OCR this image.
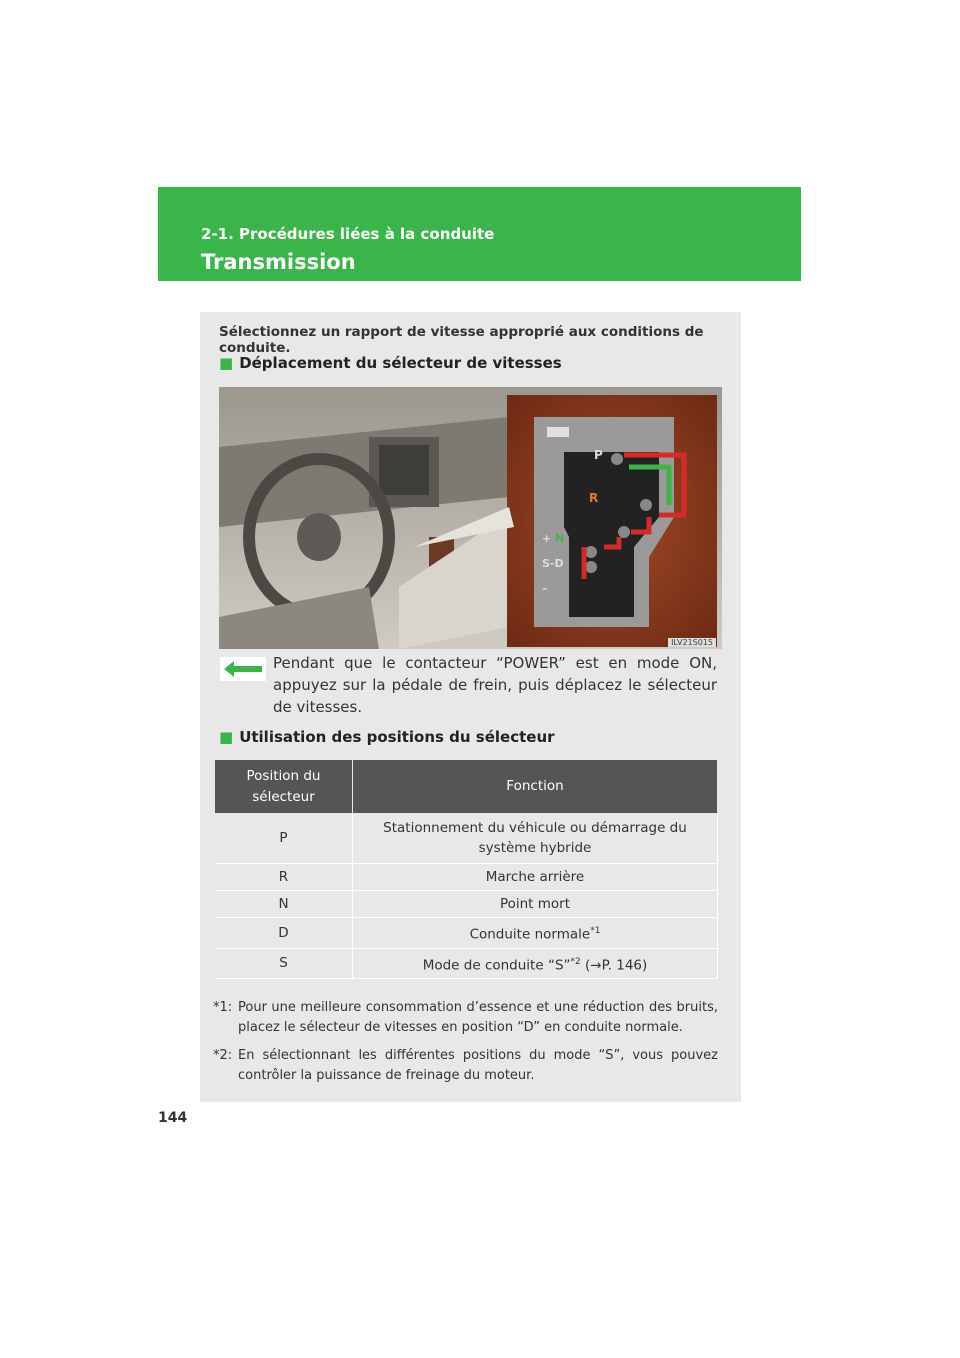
2-1. Procédures liées à la conduite
Transmission
Sélectionnez un rapport de vitesse approprié aux conditions de conduite.
■ Déplacement du sélecteur de vitesses
P
R
+ N
S-D
–
ILV21S015
Pendant que le contacteur “POWER” est en mode ON, appuyez sur la pédale de frein, puis déplacez le sélecteur de vitesses.
■ Utilisation des positions du sélecteur
Position du sélecteur	Fonction
P	Stationnement du véhicule ou démarrage du système hybride
R	Marche arrière
N	Point mort
D	Conduite normale$^{*1}$
S	Mode de conduite “S”$^{*2}$ (→P. 146)
*1: Pour une meilleure consommation d’essence et une réduction des bruits, placez le sélecteur de vitesses en position “D” en conduite normale.
*2: En sélectionnant les différentes positions du mode “S”, vous pouvez contrôler la puissance de freinage du moteur.
144
